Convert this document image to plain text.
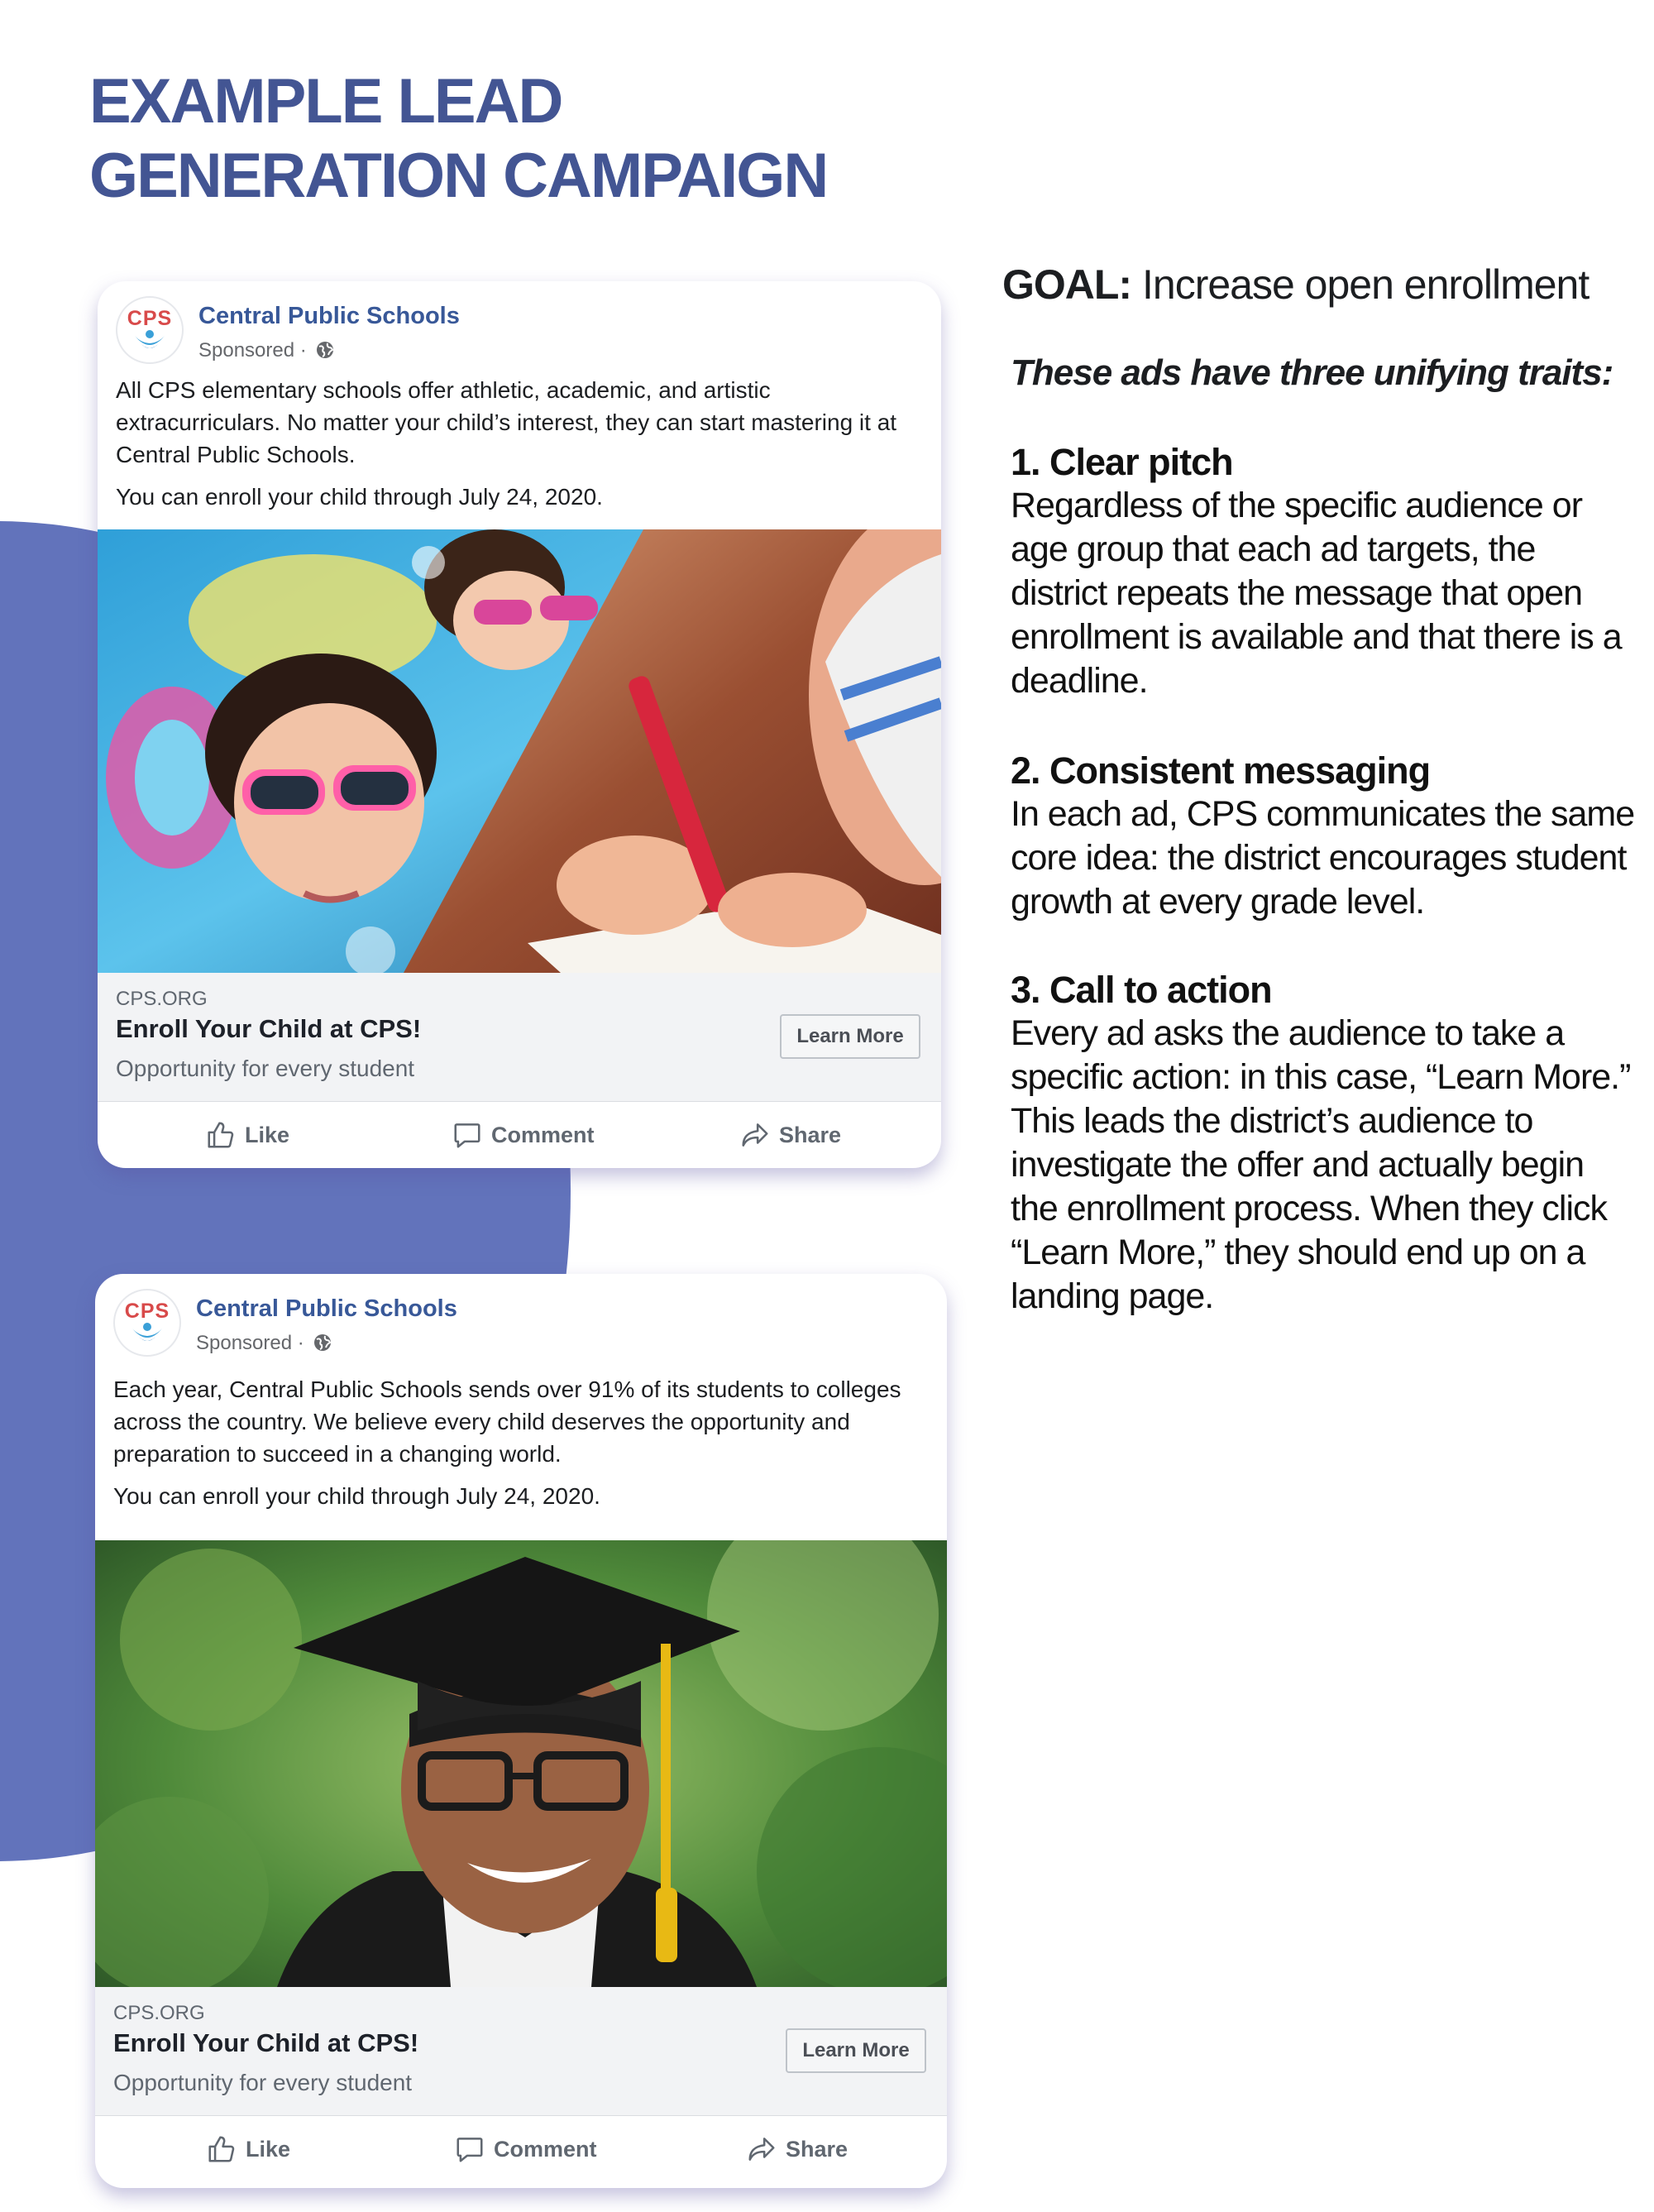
EXAMPLE LEAD
GENERATION CAMPAIGN
CPS	Central Public Schools
Sponsored ·

All CPS elementary schools offer athletic, academic, and artistic extracurriculars. No matter your child’s interest, they can start mastering it at Central Public Schools.

You can enroll your child through July 24, 2020.

CPS.ORG
Enroll Your Child at CPS!
Opportunity for every student
Learn More
Like	Comment	Share
CPS	Central Public Schools
Sponsored ·

Each year, Central Public Schools sends over 91% of its students to colleges across the country. We believe every child deserves the opportunity and preparation to succeed in a changing world.

You can enroll your child through July 24, 2020.

CPS.ORG
Enroll Your Child at CPS!
Opportunity for every student
Learn More
Like	Comment	Share
GOAL: Increase open enrollment
These ads have three unifying traits:
1. Clear pitch

Regardless of the specific audience or age group that each ad targets, the district repeats the message that open enrollment is available and that there is a deadline.

2. Consistent messaging

In each ad, CPS communicates the same core idea: the district encourages student growth at every grade level.

3. Call to action

Every ad asks the audience to take a specific action: in this case, “Learn More.” This leads the district’s audience to investigate the offer and actually begin the enrollment process. When they click “Learn More,” they should end up on a landing page.
